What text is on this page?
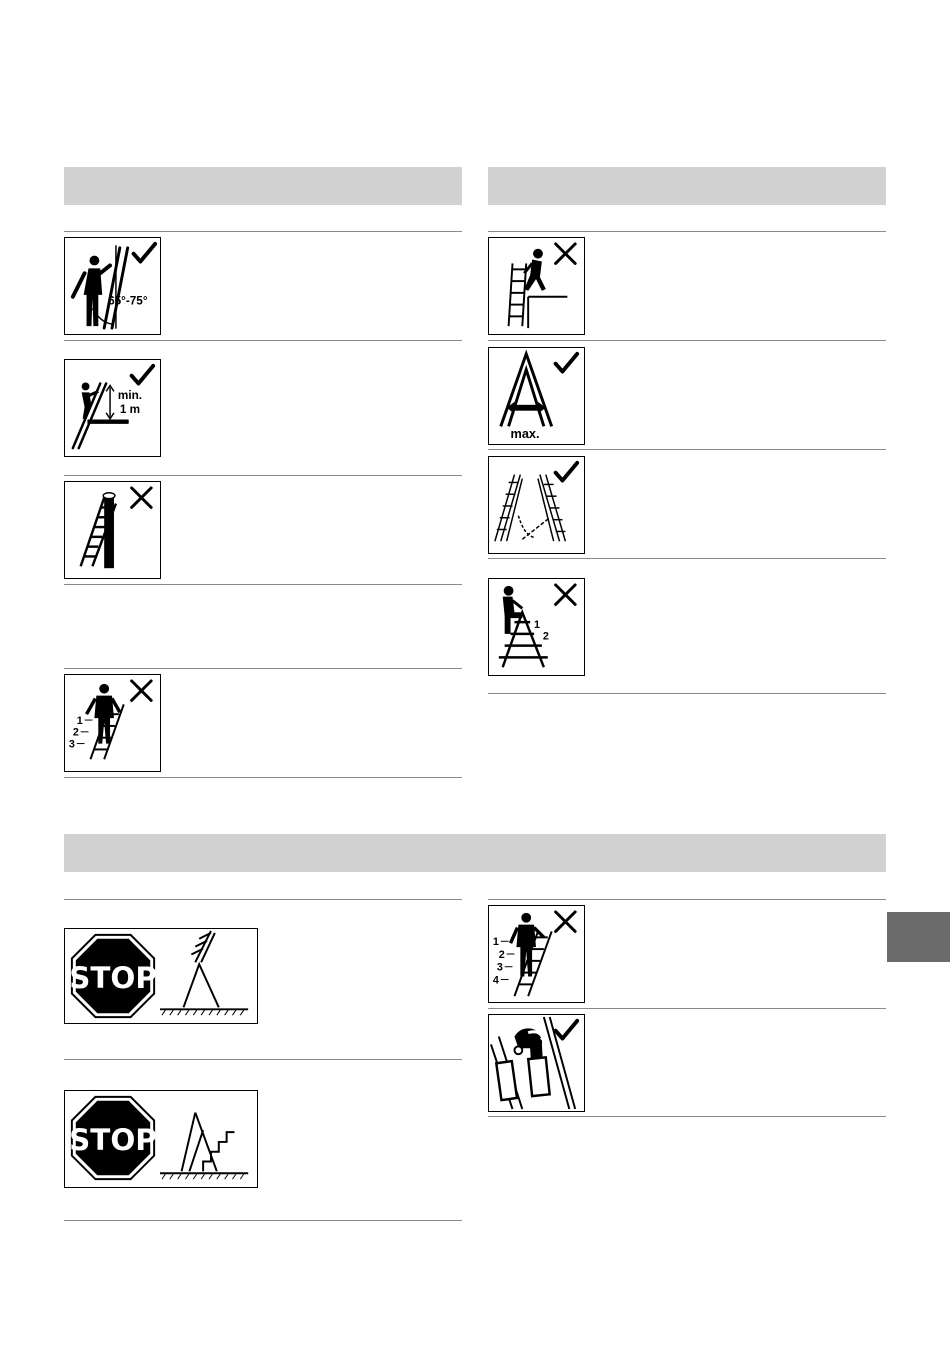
65°-75°
min.
1 m
1
2
3
max.
1
2
STOP
STOP
1
2
3
4
